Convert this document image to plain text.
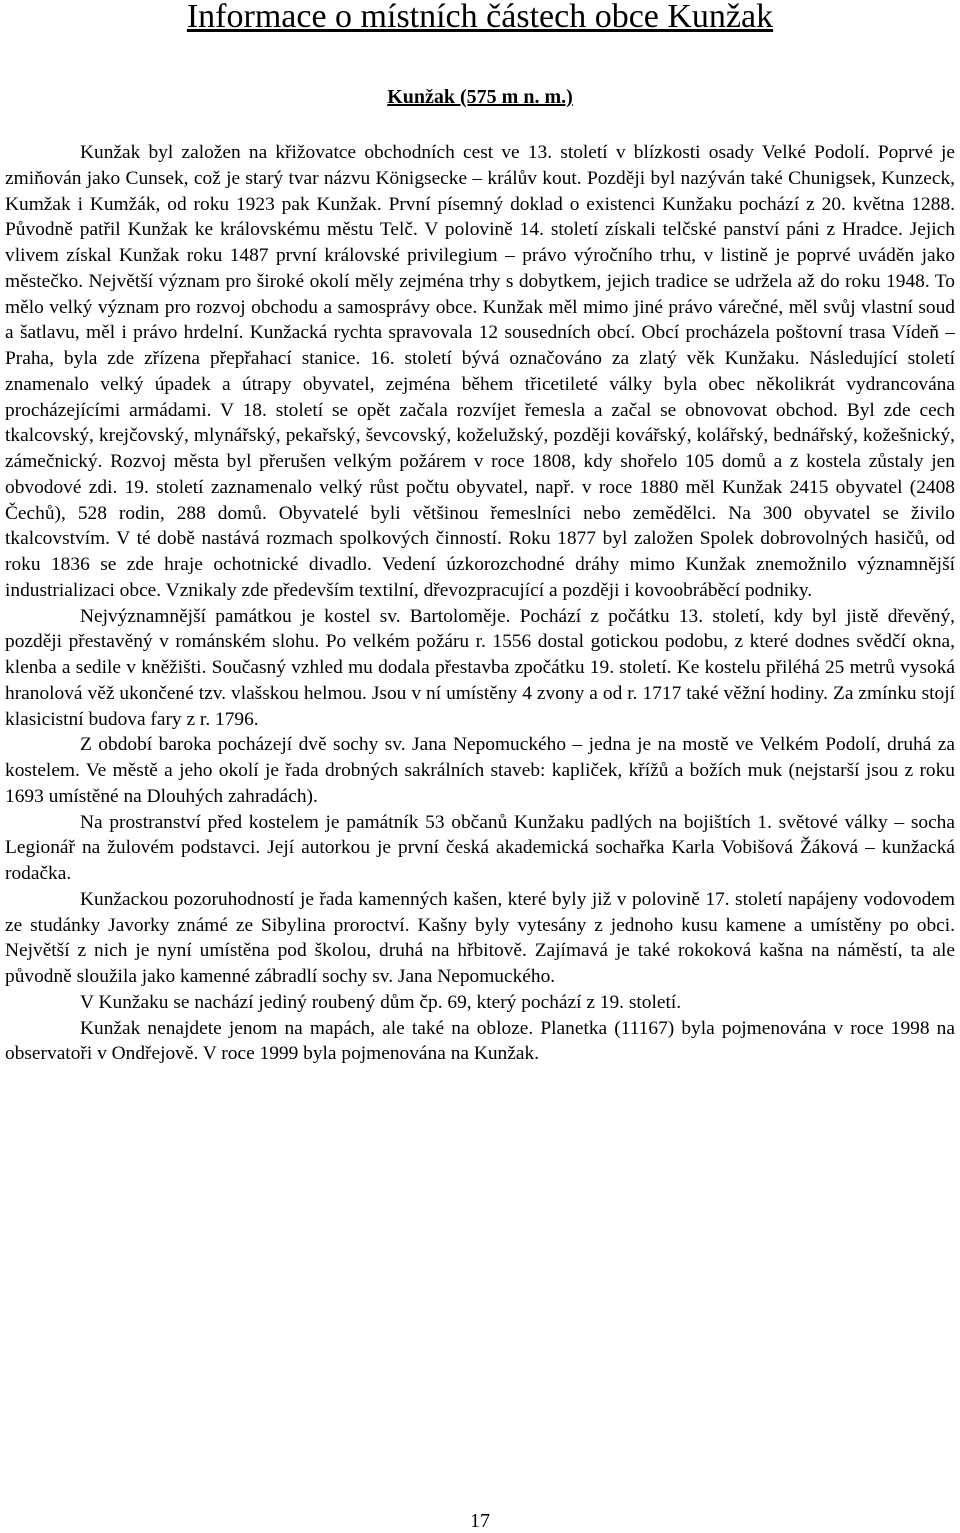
Informace o místních částech obce Kunžak
Kunžak (575 m n. m.)

Kunžak byl založen na křižovatce obchodních cest ve 13. století v blízkosti osady Velké Podolí. Poprvé je zmiňován jako Cunsek, což je starý tvar názvu Königsecke – králův kout. Později byl nazýván také Chunigsek, Kunzeck, Kumžak i Kumžák, od roku 1923 pak Kunžak. První písemný doklad o existenci Kunžaku pochází z 20. května 1288. Původně patřil Kunžak ke královskému městu Telč. V polovině 14. století získali telčské panství páni z Hradce. Jejich vlivem získal Kunžak roku 1487 první královské privilegium – právo výročního trhu, v listině je poprvé uváděn jako městečko. Největší význam pro široké okolí měly zejména trhy s dobytkem, jejich tradice se udržela až do roku 1948. To mělo velký význam pro rozvoj obchodu a samosprávy obce. Kunžak měl mimo jiné právo várečné, měl svůj vlastní soud a šatlavu, měl i právo hrdelní. Kunžacká rychta spravovala 12 sousedních obcí. Obcí procházela poštovní trasa Vídeň – Praha, byla zde zřízena přepřahací stanice. 16. století bývá označováno za zlatý věk Kunžaku. Následující století znamenalo velký úpadek a útrapy obyvatel, zejména během třicetileté války byla obec několikrát vydrancována procházejícími armádami. V 18. století se opět začala rozvíjet řemesla a začal se obnovovat obchod. Byl zde cech tkalcovský, krejčovský, mlynářský, pekařský, ševcovský, koželužský, později kovářský, kolářský, bednářský, kožešnický, zámečnický. Rozvoj města byl přerušen velkým požárem v roce 1808, kdy shořelo 105 domů a z kostela zůstaly jen obvodové zdi. 19. století zaznamenalo velký růst počtu obyvatel, např. v roce 1880 měl Kunžak 2415 obyvatel (2408 Čechů), 528 rodin, 288 domů. Obyvatelé byli většinou řemeslníci nebo zemědělci. Na 300 obyvatel se živilo tkalcovstvím. V té době nastává rozmach spolkových činností. Roku 1877 byl založen Spolek dobrovolných hasičů, od roku 1836 se zde hraje ochotnické divadlo. Vedení úzkorozchodné dráhy mimo Kunžak znemožnilo významnější industrializaci obce. Vznikaly zde především textilní, dřevozpracující a později i kovoobráběcí podniky.

Nejvýznamnější památkou je kostel sv. Bartoloměje. Pochází z počátku 13. století, kdy byl jistě dřevěný, později přestavěný v románském slohu. Po velkém požáru r. 1556 dostal gotickou podobu, z které dodnes svědčí okna, klenba a sedile v kněžišti. Současný vzhled mu dodala přestavba zpočátku 19. století. Ke kostelu přiléhá 25 metrů vysoká hranolová věž ukončené tzv. vlašskou helmou. Jsou v ní umístěny 4 zvony a od r. 1717 také věžní hodiny. Za zmínku stojí klasicistní budova fary z r. 1796.

Z období baroka pocházejí dvě sochy sv. Jana Nepomuckého – jedna je na mostě ve Velkém Podolí, druhá za kostelem. Ve městě a jeho okolí je řada drobných sakrálních staveb: kapliček, křížů a božích muk (nejstarší jsou z roku 1693 umístěné na Dlouhých zahradách).

Na prostranství před kostelem je památník 53 občanů Kunžaku padlých na bojištích 1. světové války – socha Legionář na žulovém podstavci. Její autorkou je první česká akademická sochařka Karla Vobišová Žáková – kunžacká rodačka.

Kunžackou pozoruhodností je řada kamenných kašen, které byly již v polovině 17. století napájeny vodovodem ze studánky Javorky známé ze Sibylina proroctví. Kašny byly vytesány z jednoho kusu kamene a umístěny po obci. Největší z nich je nyní umístěna pod školou, druhá na hřbitově. Zajímavá je také rokoková kašna na náměstí, ta ale původně sloužila jako kamenné zábradlí sochy sv. Jana Nepomuckého.

V Kunžaku se nachází jediný roubený dům čp. 69, který pochází z 19. století.

Kunžak nenajdete jenom na mapách, ale také na obloze. Planetka (11167) byla pojmenována v roce 1998 na observatoři v Ondřejově. V roce 1999 byla pojmenována na Kunžak.

17
